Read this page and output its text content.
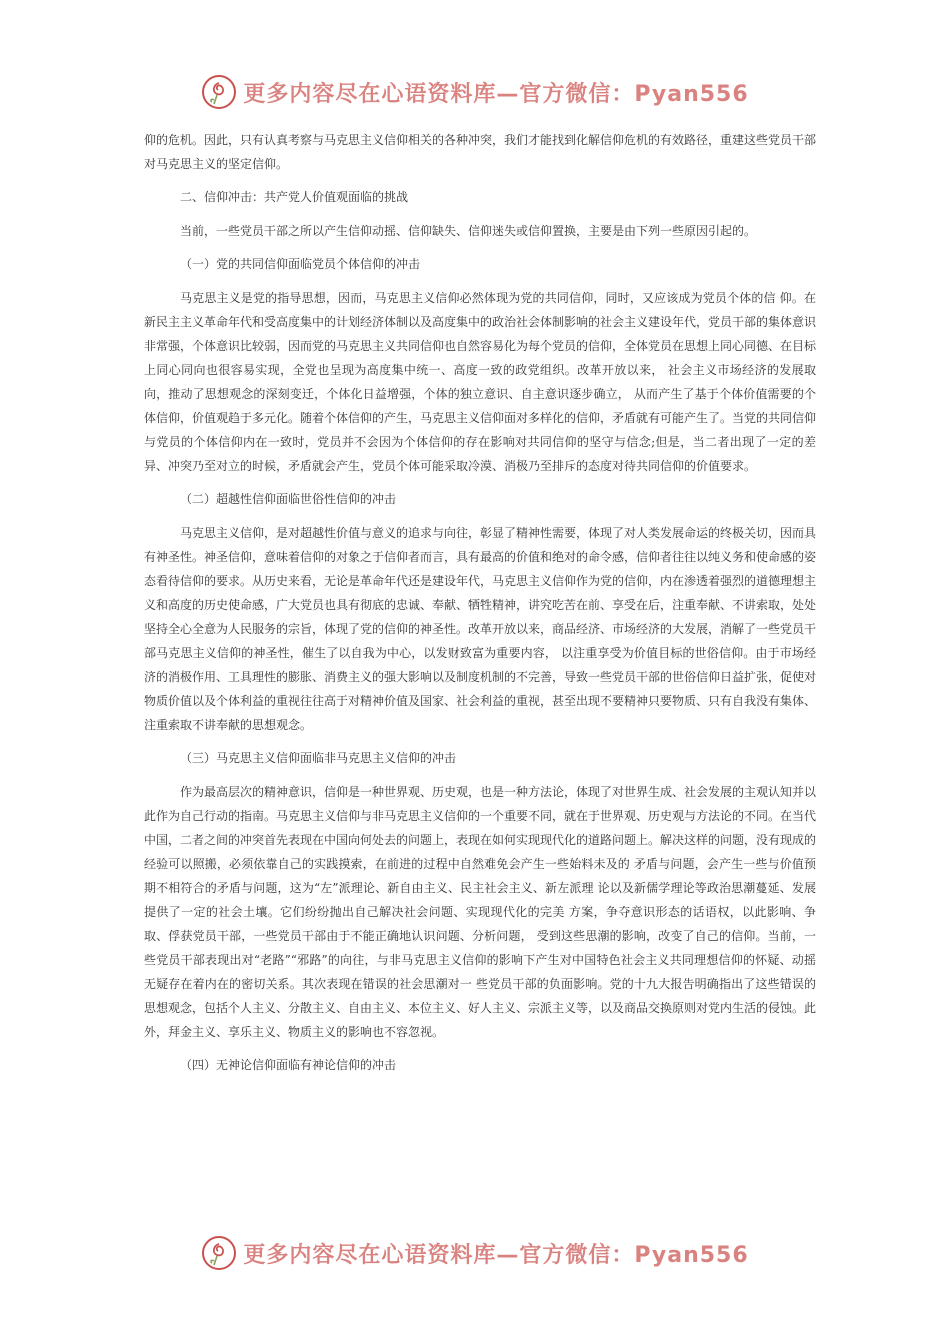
更多内容尽在心语资料库—官方微信：Pyan556

仰的危机。因此，只有认真考察与马克思主义信仰相关的各种冲突，我们才能找到化解信仰危机的有效路径，重建这些党员干部对马克思主义的坚定信仰。

二、信仰冲击：共产党人价值观面临的挑战

当前，一些党员干部之所以产生信仰动摇、信仰缺失、信仰迷失或信仰置换，主要是由下列一些原因引起的。

（一）党的共同信仰面临党员个体信仰的冲击

马克思主义是党的指导思想，因而，马克思主义信仰必然体现为党的共同信仰，同时，又应该成为党员个体的信 仰。在新民主主义革命年代和受高度集中的计划经济体制以及高度集中的政治社会体制影响的社会主义建设年代，党员干部的集体意识非常强，个体意识比较弱，因而党的马克思主义共同信仰也自然容易化为每个党员的信仰，全体党员在思想上同心同德、在目标上同心同向也很容易实现，全党也呈现为高度集中统一、高度一致的政党组织。改革开放以来， 社会主义市场经济的发展取向，推动了思想观念的深刻变迁，个体化日益增强，个体的独立意识、自主意识逐步确立， 从而产生了基于个体价值需要的个体信仰，价值观趋于多元化。随着个体信仰的产生，马克思主义信仰面对多样化的信仰，矛盾就有可能产生了。当党的共同信仰与党员的个体信仰内在一致时，党员并不会因为个体信仰的存在影响对共同信仰的坚守与信念;但是，当二者出现了一定的差异、冲突乃至对立的时候，矛盾就会产生，党员个体可能采取冷漠、消极乃至排斥的态度对待共同信仰的价值要求。

（二）超越性信仰面临世俗性信仰的冲击

马克思主义信仰，是对超越性价值与意义的追求与向往，彰显了精神性需要，体现了对人类发展命运的终极关切，因而具有神圣性。神圣信仰，意味着信仰的对象之于信仰者而言，具有最高的价值和绝对的命令感，信仰者往往以纯义务和使命感的姿态看待信仰的要求。从历史来看，无论是革命年代还是建设年代，马克思主义信仰作为党的信仰，内在渗透着强烈的道德理想主义和高度的历史使命感，广大党员也具有彻底的忠诚、奉献、牺牲精神，讲究吃苦在前、享受在后，注重奉献、不讲索取，处处坚持全心全意为人民服务的宗旨，体现了党的信仰的神圣性。改革开放以来，商品经济、市场经济的大发展，消解了一些党员干部马克思主义信仰的神圣性，催生了以自我为中心，以发财致富为重要内容， 以注重享受为价值目标的世俗信仰。由于市场经济的消极作用、工具理性的膨胀、消费主义的强大影响以及制度机制的不完善，导致一些党员干部的世俗信仰日益扩张，促使对物质价值以及个体利益的重视往往高于对精神价值及国家、社会利益的重视，甚至出现不要精神只要物质、只有自我没有集体、注重索取不讲奉献的思想观念。

（三）马克思主义信仰面临非马克思主义信仰的冲击

作为最高层次的精神意识，信仰是一种世界观、历史观，也是一种方法论，体现了对世界生成、社会发展的主观认知并以此作为自己行动的指南。马克思主义信仰与非马克思主义信仰的一个重要不同，就在于世界观、历史观与方法论的不同。在当代中国，二者之间的冲突首先表现在中国向何处去的问题上，表现在如何实现现代化的道路问题上。解决这样的问题，没有现成的经验可以照搬，必须依靠自己的实践摸索，在前进的过程中自然难免会产生一些始料未及的 矛盾与问题，会产生一些与价值预期不相符合的矛盾与问题，这为“左”派理论、新自由主义、民主社会主义、新左派理 论以及新儒学理论等政治思潮蔓延、发展提供了一定的社会土壤。它们纷纷抛出自己解决社会问题、实现现代化的完美 方案，争夺意识形态的话语权，以此影响、争取、俘获党员干部，一些党员干部由于不能正确地认识问题、分析问题， 受到这些思潮的影响，改变了自己的信仰。当前，一些党员干部表现出对“老路”“邪路”的向往，与非马克思主义信仰的影响下产生对中国特色社会主义共同理想信仰的怀疑、动摇无疑存在着内在的密切关系。其次表现在错误的社会思潮对一 些党员干部的负面影响。党的十九大报告明确指出了这些错误的思想观念，包括个人主义、分散主义、自由主义、本位主义、好人主义、宗派主义等，以及商品交换原则对党内生活的侵蚀。此外，拜金主义、享乐主义、物质主义的影响也不容忽视。

（四）无神论信仰面临有神论信仰的冲击

更多内容尽在心语资料库—官方微信：Pyan556
